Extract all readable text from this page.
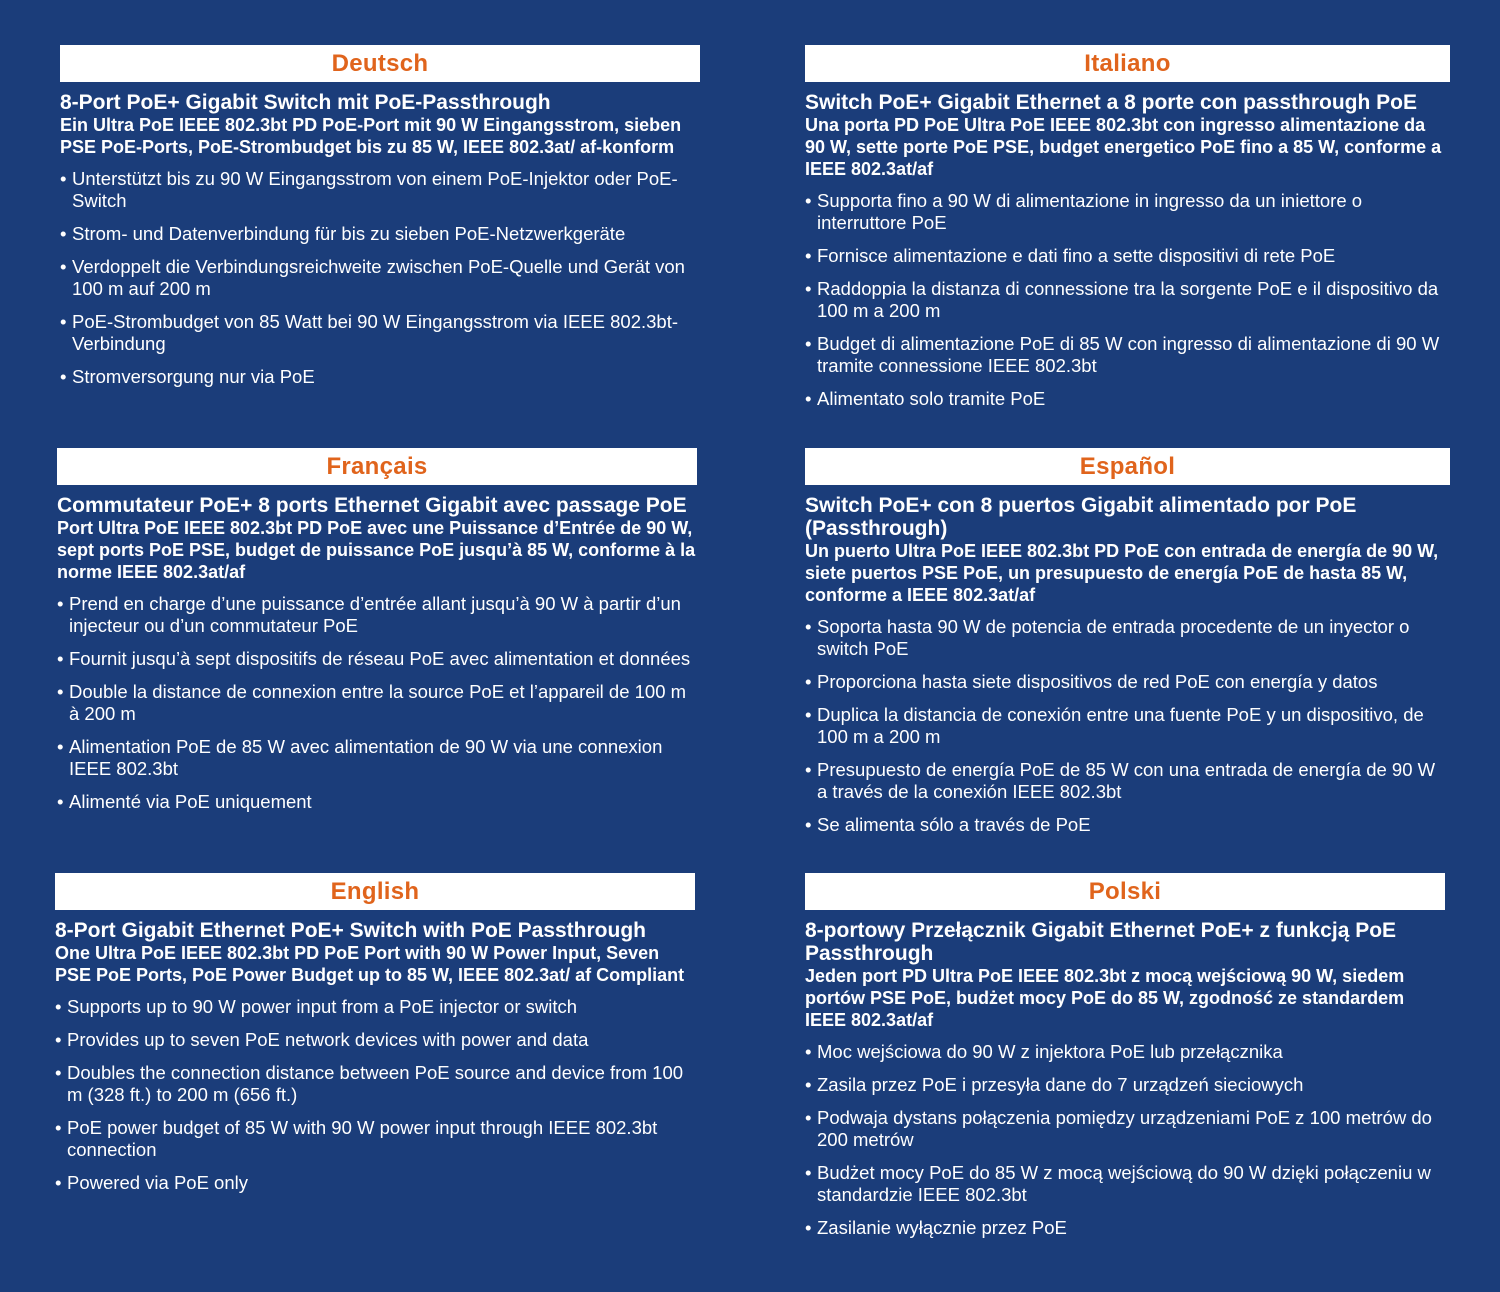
Deutsch
8-Port PoE+ Gigabit Switch mit PoE-Passthrough
Ein Ultra PoE IEEE 802.3bt PD PoE-Port mit 90 W Eingangsstrom, sieben PSE PoE-Ports, PoE-Strombudget bis zu 85 W, IEEE 802.3at/ af-konform
• Unterstützt bis zu 90 W Eingangsstrom von einem PoE-Injektor oder PoE-Switch
• Strom- und Datenverbindung für bis zu sieben PoE-Netzwerkgeräte
• Verdoppelt die Verbindungsreichweite zwischen PoE-Quelle und Gerät von 100 m auf 200 m
• PoE-Strombudget von 85 Watt bei 90 W Eingangsstrom via IEEE 802.3bt-Verbindung
• Stromversorgung nur via PoE
Italiano
Switch PoE+ Gigabit Ethernet a 8 porte con passthrough PoE
Una porta PD PoE Ultra PoE IEEE 802.3bt con ingresso alimentazione da 90 W, sette porte PoE PSE, budget energetico PoE fino a 85 W, conforme a IEEE 802.3at/af
• Supporta fino a 90 W di alimentazione in ingresso da un iniettore o interruttore PoE
• Fornisce alimentazione e dati fino a sette dispositivi di rete PoE
• Raddoppia la distanza di connessione tra la sorgente PoE e il dispositivo da 100 m a 200 m
• Budget di alimentazione PoE di 85 W con ingresso di alimentazione di 90 W tramite connessione IEEE 802.3bt
• Alimentato solo tramite PoE
Français
Commutateur PoE+ 8 ports Ethernet Gigabit avec passage PoE
Port Ultra PoE IEEE 802.3bt PD PoE avec une Puissance d’Entrée de 90 W, sept ports PoE PSE, budget de puissance PoE jusqu’à 85 W, conforme à la norme IEEE 802.3at/af
• Prend en charge d’une puissance d’entrée allant jusqu’à 90 W à partir d’un injecteur ou d’un commutateur PoE
• Fournit jusqu’à sept dispositifs de réseau PoE avec alimentation et données
• Double la distance de connexion entre la source PoE et l’appareil de 100 m à 200 m
• Alimentation PoE de 85 W avec alimentation de 90 W via une connexion IEEE 802.3bt
• Alimenté via PoE uniquement
Español
Switch PoE+ con 8 puertos Gigabit alimentado por PoE (Passthrough)
Un puerto Ultra PoE IEEE 802.3bt PD PoE con entrada de energía de 90 W, siete puertos PSE PoE, un presupuesto de energía PoE de hasta 85 W, conforme a IEEE 802.3at/af
• Soporta hasta 90 W de potencia de entrada procedente de un inyector o switch PoE
• Proporciona hasta siete dispositivos de red PoE con energía y datos
• Duplica la distancia de conexión entre una fuente PoE y un dispositivo, de 100 m a 200 m
• Presupuesto de energía PoE de 85 W con una entrada de energía de 90 W a través de la conexión IEEE 802.3bt
• Se alimenta sólo a través de PoE
English
8-Port Gigabit Ethernet PoE+ Switch with PoE Passthrough
One Ultra PoE IEEE 802.3bt PD PoE Port with 90 W Power Input, Seven PSE PoE Ports, PoE Power Budget up to 85 W, IEEE 802.3at/ af Compliant
• Supports up to 90 W power input from a PoE injector or switch
• Provides up to seven PoE network devices with power and data
• Doubles the connection distance between PoE source and device from 100 m (328 ft.) to 200 m (656 ft.)
• PoE power budget of 85 W with 90 W power input through IEEE 802.3bt connection
• Powered via PoE only
Polski
8-portowy Przełącznik Gigabit Ethernet PoE+ z funkcją PoE Passthrough
Jeden port PD Ultra PoE IEEE 802.3bt z mocą wejściową 90 W, siedem portów PSE PoE, budżet mocy PoE do 85 W, zgodność ze standardem IEEE 802.3at/af
• Moc wejściowa do 90 W z injektora PoE lub przełącznika
• Zasila przez PoE i przesyła dane do 7 urządzeń sieciowych
• Podwaja dystans połączenia pomiędzy urządzeniami PoE z 100 metrów do 200 metrów
• Budżet mocy PoE do 85 W z mocą wejściową do 90 W dzięki połączeniu w standardzie IEEE 802.3bt
• Zasilanie wyłącznie przez PoE
